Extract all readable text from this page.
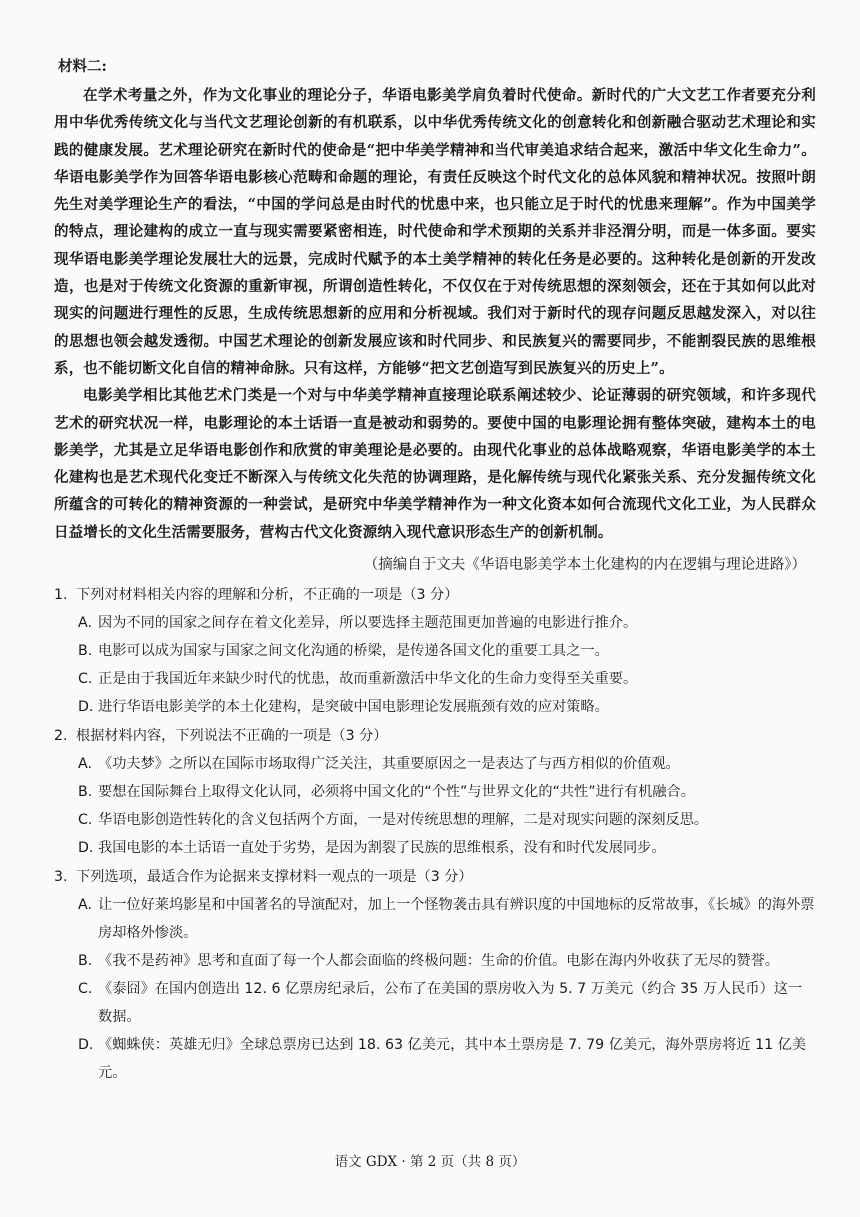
材料二:

在学术考量之外，作为文化事业的理论分子，华语电影美学肩负着时代使命。新时代的广大文艺工作者要充分利用中华优秀传统文化与当代文艺理论创新的有机联系，以中华优秀传统文化的创意转化和创新融合驱动艺术理论和实践的健康发展。艺术理论研究在新时代的使命是“把中华美学精神和当代审美追求结合起来，激活中华文化生命力”。华语电影美学作为回答华语电影核心范畴和命题的理论，有责任反映这个时代文化的总体风貌和精神状况。按照叶朗先生对美学理论生产的看法，“中国的学问总是由时代的忧患中来，也只能立足于时代的忧患来理解”。作为中国美学的特点，理论建构的成立一直与现实需要紧密相连，时代使命和学术预期的关系并非泾渭分明，而是一体多面。要实现华语电影美学理论发展壮大的远景，完成时代赋予的本土美学精神的转化任务是必要的。这种转化是创新的开发改造，也是对于传统文化资源的重新审视，所谓创造性转化，不仅仅在于对传统思想的深刻领会，还在于其如何以此对现实的问题进行理性的反思，生成传统思想新的应用和分析视域。我们对于新时代的现存问题反思越发深入，对以往的思想也领会越发透彻。中国艺术理论的创新发展应该和时代同步、和民族复兴的需要同步，不能割裂民族的思维根系，也不能切断文化自信的精神命脉。只有这样，方能够“把文艺创造写到民族复兴的历史上”。

电影美学相比其他艺术门类是一个对与中华美学精神直接理论联系阐述较少、论证薄弱的研究领域，和许多现代艺术的研究状况一样，电影理论的本土话语一直是被动和弱势的。要使中国的电影理论拥有整体突破，建构本土的电影美学，尤其是立足华语电影创作和欣赏的审美理论是必要的。由现代化事业的总体战略观察，华语电影美学的本土化建构也是艺术现代化变迁不断深入与传统文化失范的协调理路，是化解传统与现代化紧张关系、充分发掘传统文化所蕴含的可转化的精神资源的一种尝试，是研究中华美学精神作为一种文化资本如何合流现代文化工业，为人民群众日益增长的文化生活需要服务，营构古代文化资源纳入现代意识形态生产的创新机制。

（摘编自于文夫《华语电影美学本土化建构的内在逻辑与理论进路》）

1. 下列对材料相关内容的理解和分析，不正确的一项是（3 分）

A. 因为不同的国家之间存在着文化差异，所以要选择主题范围更加普遍的电影进行推介。

B. 电影可以成为国家与国家之间文化沟通的桥梁，是传递各国文化的重要工具之一。

C. 正是由于我国近年来缺少时代的忧患，故而重新激活中华文化的生命力变得至关重要。

D. 进行华语电影美学的本土化建构，是突破中国电影理论发展瓶颈有效的应对策略。

2. 根据材料内容，下列说法不正确的一项是（3 分）

A. 《功夫梦》之所以在国际市场取得广泛关注，其重要原因之一是表达了与西方相似的价值观。

B. 要想在国际舞台上取得文化认同，必须将中国文化的“个性”与世界文化的“共性”进行有机融合。

C. 华语电影创造性转化的含义包括两个方面，一是对传统思想的理解，二是对现实问题的深刻反思。

D. 我国电影的本土话语一直处于劣势，是因为割裂了民族的思维根系，没有和时代发展同步。

3. 下列选项，最适合作为论据来支撑材料一观点的一项是（3 分）

A. 让一位好莱坞影星和中国著名的导演配对，加上一个怪物袭击具有辨识度的中国地标的反常故事，《长城》的海外票房却格外惨淡。

B. 《我不是药神》思考和直面了每一个人都会面临的终极问题：生命的价值。电影在海内外收获了无尽的赞誉。

C. 《泰囧》在国内创造出 12. 6 亿票房纪录后，公布了在美国的票房收入为 5. 7 万美元（约合 35 万人民币）这一数据。

D. 《蜘蛛侠：英雄无归》全球总票房已达到 18. 63 亿美元，其中本土票房是 7. 79 亿美元，海外票房将近 11 亿美元。

语文 GDX · 第 2 页（共 8 页）
